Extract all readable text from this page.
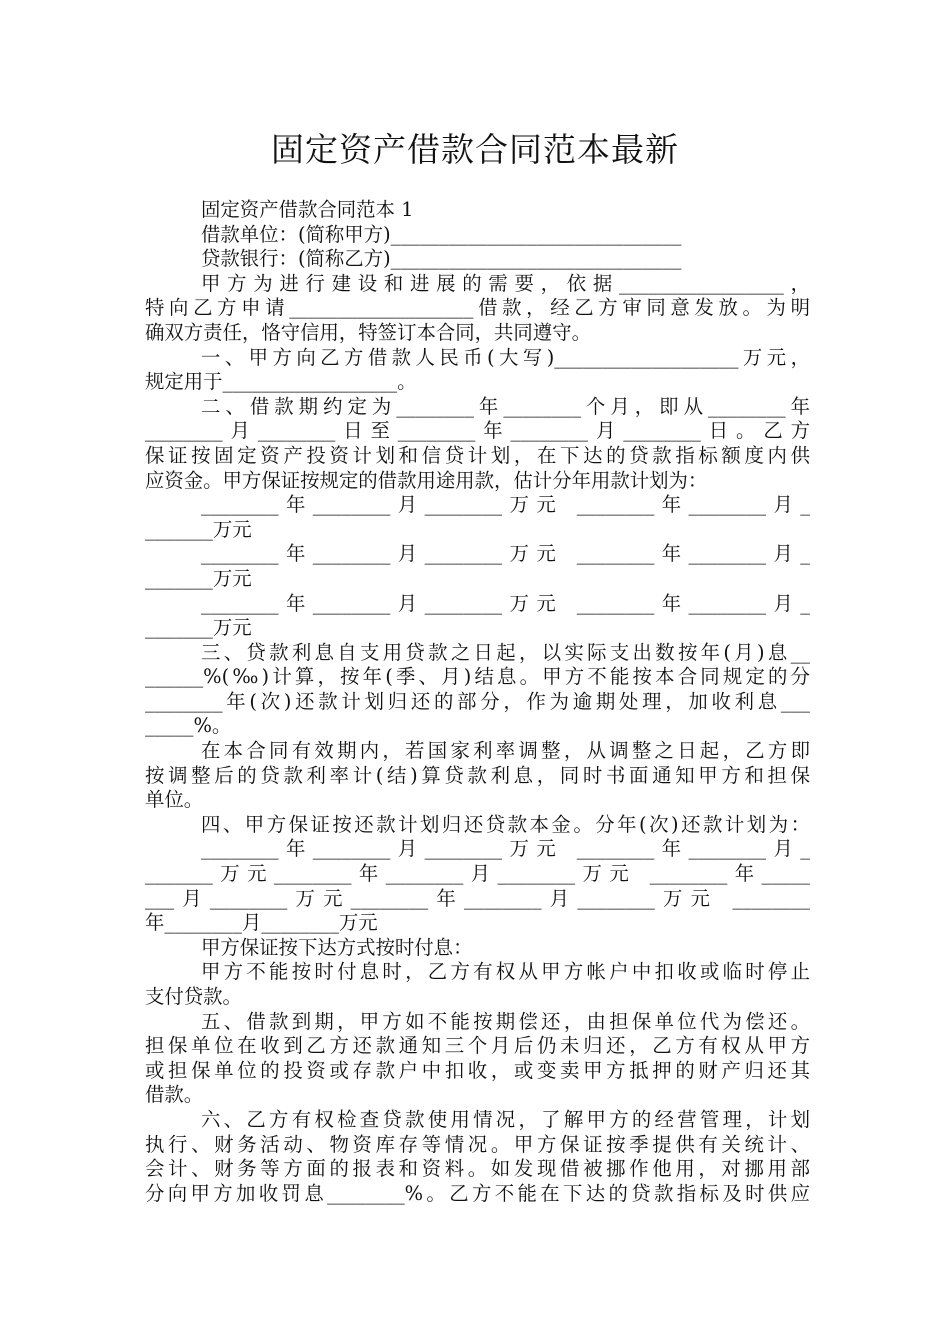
固定资产借款合同范本最新
固定资产借款合同范本 1
借款单位：(简称甲方)______________________________
贷款银行：(简称乙方)______________________________
甲方为进行建设和进展的需要，依据_________________，
特向乙方申请___________________借款，经乙方审同意发放。为明
确双方责任，恪守信用，特签订本合同，共同遵守。
一、甲方向乙方借款人民币(大写)___________________万元，
规定用于__________________。
二、借款期约定为________年________个月，即从________年
________月________日至________年________月________日。乙方
保证按固定资产投资计划和信贷计划，在下达的贷款指标额度内供
应资金。甲方保证按规定的借款用途用款，估计分年用款计划为：
________年________月________万元 ________年________月_
_______万元
________年________月________万元 ________年________月_
_______万元
________年________月________万元 ________年________月_
_______万元
三、贷款利息自支用贷款之日起，以实际支出数按年(月)息__
______%(‰)计算，按年(季、月)结息。甲方不能按本合同规定的分
________年(次)还款计划归还的部分，作为逾期处理，加收利息___
_____%。
在本合同有效期内，若国家利率调整，从调整之日起，乙方即
按调整后的贷款利率计(结)算贷款利息，同时书面通知甲方和担保
单位。
四、甲方保证按还款计划归还贷款本金。分年(次)还款计划为：
________年________月________万元 ________年________月_
_______万元________年________月________万元 ________年_____
___月________万元________年________月________万元 ________
年________月________万元
甲方保证按下达方式按时付息：
甲方不能按时付息时，乙方有权从甲方帐户中扣收或临时停止
支付贷款。
五、借款到期，甲方如不能按期偿还，由担保单位代为偿还。
担保单位在收到乙方还款通知三个月后仍未归还，乙方有权从甲方
或担保单位的投资或存款户中扣收，或变卖甲方抵押的财产归还其
借款。
六、乙方有权检查贷款使用情况，了解甲方的经营管理，计划
执行、财务活动、物资库存等情况。甲方保证按季提供有关统计、
会计、财务等方面的报表和资料。如发现借被挪作他用，对挪用部
分向甲方加收罚息________%。乙方不能在下达的贷款指标及时供应
